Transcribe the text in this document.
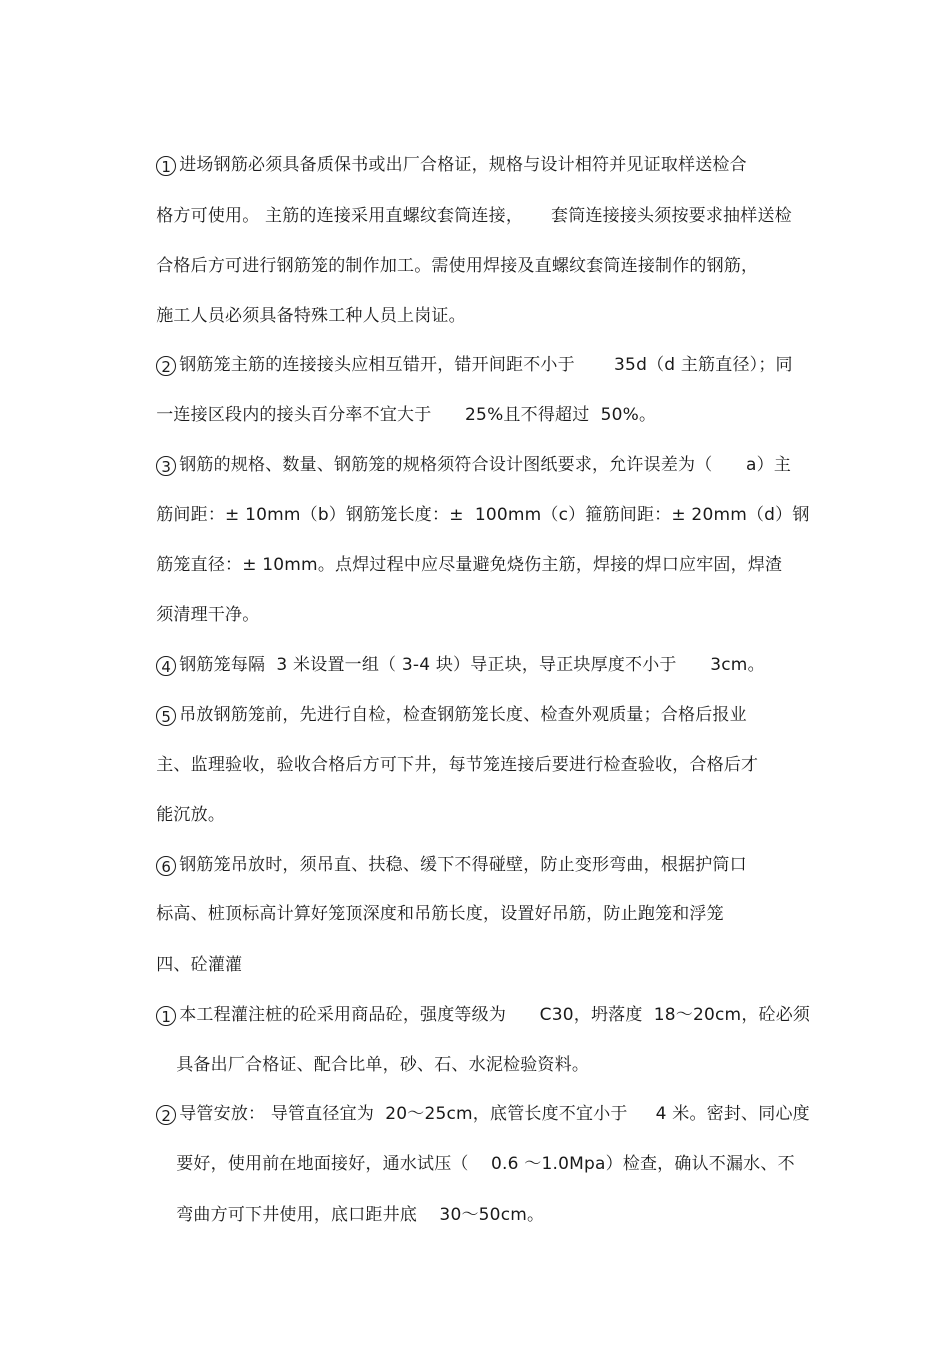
1 进场钢筋必须具备质保书或出厂合格证，规格与设计相符并见证取样送检合

格方可使用。 主筋的连接采用直螺纹套筒连接，     套筒连接接头须按要求抽样送检

合格后方可进行钢筋笼的制作加工。需使用焊接及直螺纹套筒连接制作的钢筋，

施工人员必须具备特殊工种人员上岗证。

2 钢筋笼主筋的连接接头应相互错开，错开间距不小于       35d（d 主筋直径）；同

一连接区段内的接头百分率不宜大于      25%且不得超过  50%。

3 钢筋的规格、数量、钢筋笼的规格须符合设计图纸要求，允许误差为（      a）主

筋间距：± 10mm（b）钢筋笼长度：±  100mm（c）箍筋间距：± 20mm（d）钢

筋笼直径：± 10mm。点焊过程中应尽量避免烧伤主筋，焊接的焊口应牢固，焊渣

须清理干净。

4 钢筋笼每隔  3 米设置一组（ 3-4 块）导正块，导正块厚度不小于      3cm。

5 吊放钢筋笼前，先进行自检，检查钢筋笼长度、检查外观质量；合格后报业

主、监理验收，验收合格后方可下井，每节笼连接后要进行检查验收，合格后才

能沉放。

6 钢筋笼吊放时，须吊直、扶稳、缓下不得碰壁，防止变形弯曲，根据护筒口

标高、桩顶标高计算好笼顶深度和吊筋长度，设置好吊筋，防止跑笼和浮笼

四、砼灌灌

1 本工程灌注桩的砼采用商品砼，强度等级为      C30，坍落度  18～20cm，砼必须

具备出厂合格证、配合比单，砂、石、水泥检验资料。

2 导管安放： 导管直径宜为  20～25cm，底管长度不宜小于     4 米。密封、同心度

要好，使用前在地面接好，通水试压（    0.6 ～1.0Mpa）检查，确认不漏水、不

弯曲方可下井使用，底口距井底    30～50cm。
